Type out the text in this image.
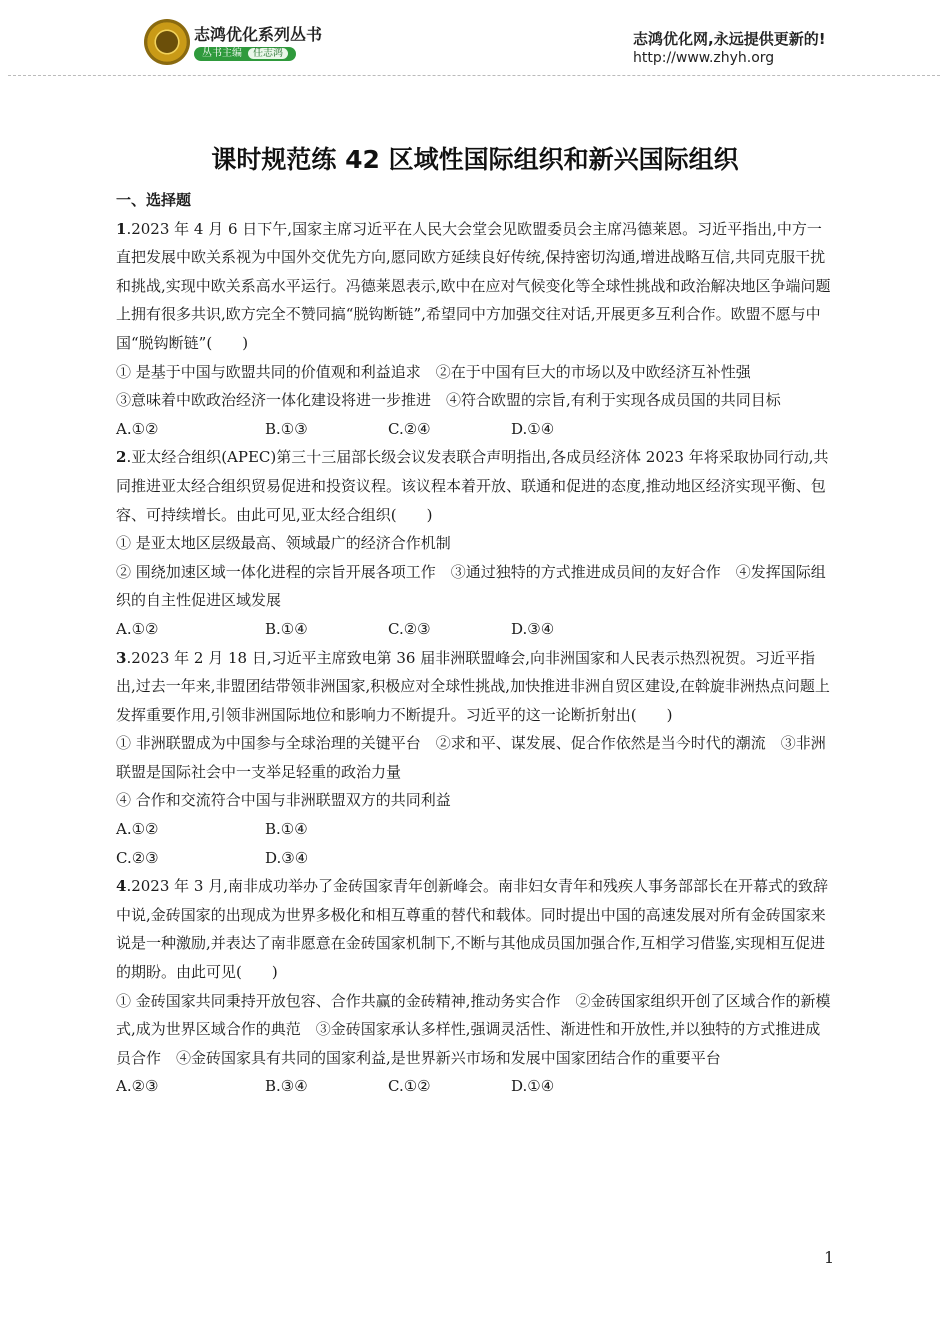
志鸿优化系列丛书
丛书主编 任志鸿
志鸿优化网,永远提供更新的!
http://www.zhyh.org
课时规范练 42 区域性国际组织和新兴国际组织

一、选择题

1.2023 年 4 月 6 日下午,国家主席习近平在人民大会堂会见欧盟委员会主席冯德莱恩。习近平指出,中方一直把发展中欧关系视为中国外交优先方向,愿同欧方延续良好传统,保持密切沟通,增进战略互信,共同克服干扰和挑战,实现中欧关系高水平运行。冯德莱恩表示,欧中在应对气候变化等全球性挑战和政治解决地区争端问题上拥有很多共识,欧方完全不赞同搞“脱钩断链”,希望同中方加强交往对话,开展更多互利合作。欧盟不愿与中国“脱钩断链”(　　)

① 是基于中国与欧盟共同的价值观和利益追求　②在于中国有巨大的市场以及中欧经济互补性强

③意味着中欧政治经济一体化建设将进一步推进　④符合欧盟的宗旨,有利于实现各成员国的共同目标

A.①②	B.①③	C.②④	D.①④

2.亚太经合组织(APEC)第三十三届部长级会议发表联合声明指出,各成员经济体 2023 年将采取协同行动,共同推进亚太经合组织贸易促进和投资议程。该议程本着开放、联通和促进的态度,推动地区经济实现平衡、包容、可持续增长。由此可见,亚太经合组织(　　)

① 是亚太地区层级最高、领域最广的经济合作机制

② 围绕加速区域一体化进程的宗旨开展各项工作　③通过独特的方式推进成员间的友好合作　④发挥国际组织的自主性促进区域发展

A.①②	B.①④	C.②③	D.③④

3.2023 年 2 月 18 日,习近平主席致电第 36 届非洲联盟峰会,向非洲国家和人民表示热烈祝贺。习近平指出,过去一年来,非盟团结带领非洲国家,积极应对全球性挑战,加快推进非洲自贸区建设,在斡旋非洲热点问题上发挥重要作用,引领非洲国际地位和影响力不断提升。习近平的这一论断折射出(　　)

① 非洲联盟成为中国参与全球治理的关键平台　②求和平、谋发展、促合作依然是当今时代的潮流　③非洲联盟是国际社会中一支举足轻重的政治力量

④ 合作和交流符合中国与非洲联盟双方的共同利益

A.①②	B.①④

C.②③	D.③④

4.2023 年 3 月,南非成功举办了金砖国家青年创新峰会。南非妇女青年和残疾人事务部部长在开幕式的致辞中说,金砖国家的出现成为世界多极化和相互尊重的替代和载体。同时提出中国的高速发展对所有金砖国家来说是一种激励,并表达了南非愿意在金砖国家机制下,不断与其他成员国加强合作,互相学习借鉴,实现相互促进的期盼。由此可见(　　)

① 金砖国家共同秉持开放包容、合作共赢的金砖精神,推动务实合作　②金砖国家组织开创了区域合作的新模式,成为世界区域合作的典范　③金砖国家承认多样性,强调灵活性、渐进性和开放性,并以独特的方式推进成员合作　④金砖国家具有共同的国家利益,是世界新兴市场和发展中国家团结合作的重要平台

A.②③	B.③④	C.①②	D.①④

1
